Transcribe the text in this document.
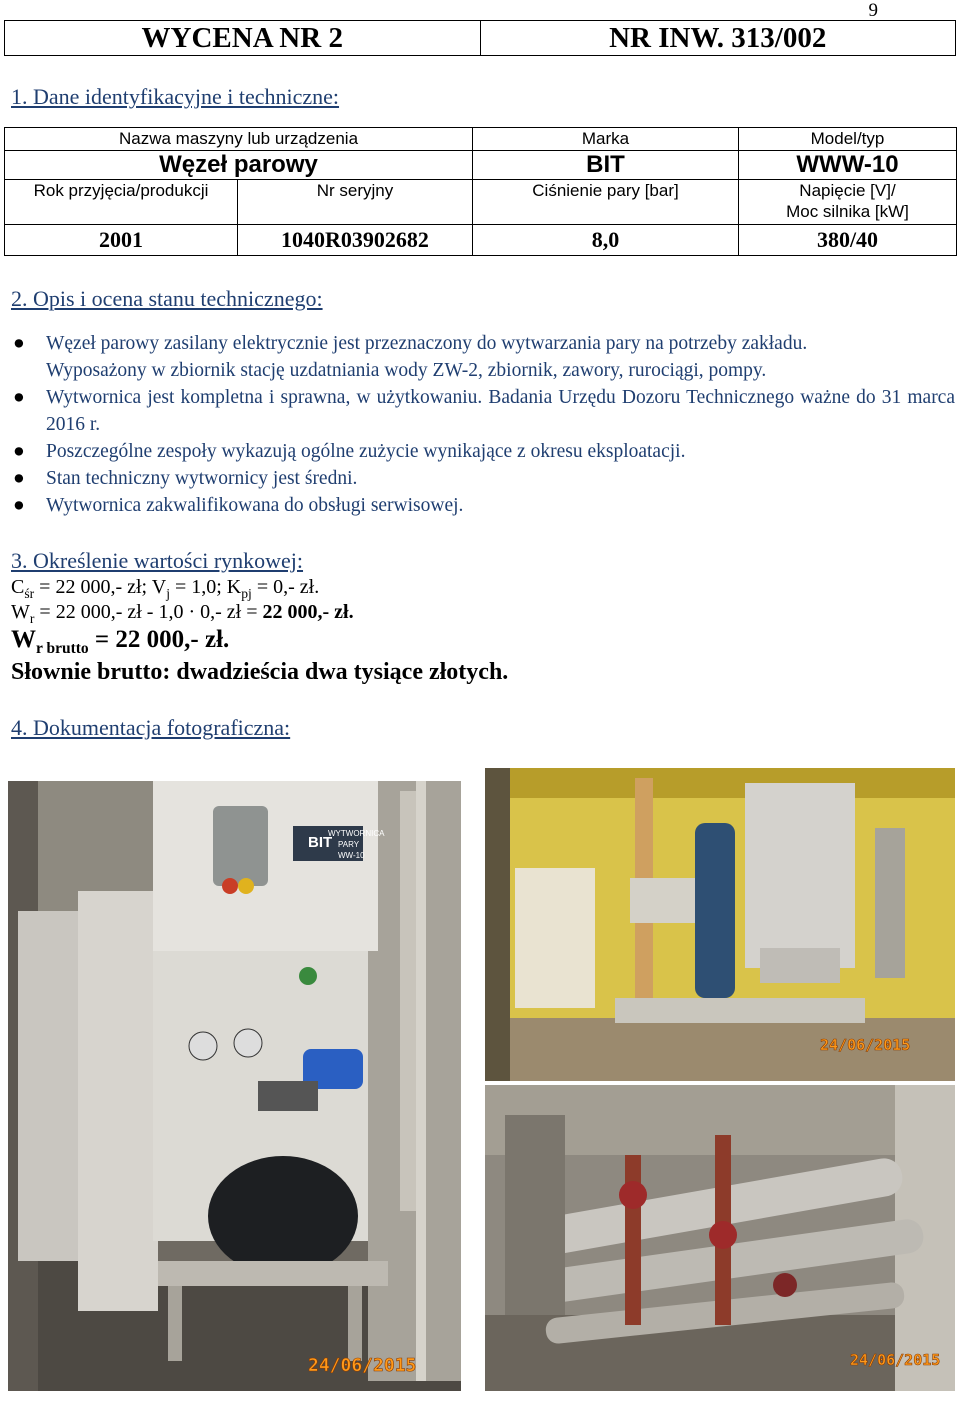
9
WYCENA NR 2	NR INW. 313/002
1. Dane identyfikacyjne i techniczne:
Nazwa maszyny lub urządzenia		Marka	Model/typ
Węzeł parowy		BIT	WWW-10
Rok przyjęcia/produkcji	Nr seryjny	Ciśnienie pary [bar]	Napięcie [V]/
Moc silnika [kW]
2001	1040R03902682	8,0	380/40
2. Opis i ocena stanu technicznego:
● Węzeł parowy zasilany elektrycznie jest przeznaczony do wytwarzania pary na potrzeby zakładu.
Wyposażony w zbiornik stację uzdatniania wody ZW-2, zbiornik, zawory, rurociągi, pompy.
● Wytwornica jest kompletna i sprawna, w użytkowaniu. Badania Urzędu Dozoru Technicznego ważne do 31 marca 2016 r.
● Poszczególne zespoły wykazują ogólne zużycie wynikające z okresu eksploatacji.
● Stan techniczny wytwornicy jest średni.
● Wytwornica zakwalifikowana do obsługi serwisowej.
3. Określenie wartości rynkowej:
$C_{śr} = 22$ 000,- zł; $V_j = 1,0$; $K_{pj} = 0,-$ zł.
$W_r = 22$ 000,- zł - 1,0 · 0,- zł = 22 000,- zł.
$W_{r brutto} = 22$ 000,- zł.
Słownie brutto: dwadzieścia dwa tysiące złotych.
4. Dokumentacja fotograficzna:
BIT
WYTWORNICA
PARY
WW-10
24/06/2015
24/06/2015
24/06/2015
